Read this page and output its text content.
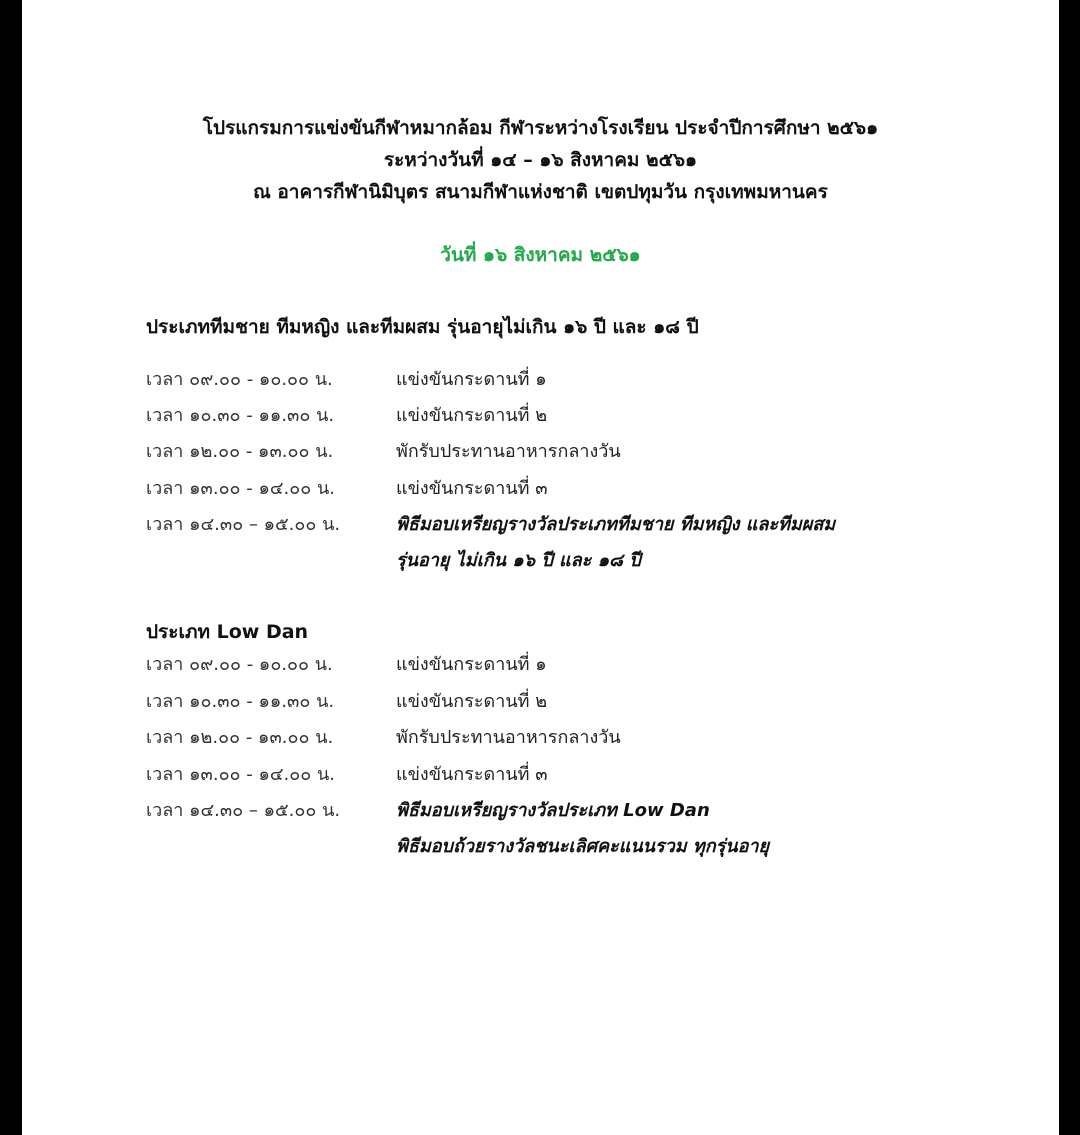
โปรแกรมการแข่งขันกีฬาหมากล้อม กีฬาระหว่างโรงเรียน ประจำปีการศึกษา ๒๕๖๑
ระหว่างวันที่ ๑๔ – ๑๖ สิงหาคม ๒๕๖๑
ณ อาคารกีฬานิมิบุตร สนามกีฬาแห่งชาติ เขตปทุมวัน กรุงเทพมหานคร
วันที่ ๑๖ สิงหาคม ๒๕๖๑
ประเภททีมชาย ทีมหญิง และทีมผสม รุ่นอายุไม่เกิน ๑๖ ปี และ ๑๘ ปี
เวลา ๐๙.๐๐ - ๑๐.๐๐ น.	แข่งขันกระดานที่ ๑
เวลา ๑๐.๓๐ - ๑๑.๓๐ น.	แข่งขันกระดานที่ ๒
เวลา ๑๒.๐๐ - ๑๓.๐๐ น.	พักรับประทานอาหารกลางวัน
เวลา ๑๓.๐๐ - ๑๔.๐๐ น.	แข่งขันกระดานที่ ๓
เวลา ๑๔.๓๐ – ๑๕.๐๐ น.	พิธีมอบเหรียญรางวัลประเภททีมชาย ทีมหญิง และทีมผสม
รุ่นอายุ ไม่เกิน ๑๖ ปี และ ๑๘ ปี
ประเภท Low Dan
เวลา ๐๙.๐๐ - ๑๐.๐๐ น.	แข่งขันกระดานที่ ๑
เวลา ๑๐.๓๐ - ๑๑.๓๐ น.	แข่งขันกระดานที่ ๒
เวลา ๑๒.๐๐ - ๑๓.๐๐ น.	พักรับประทานอาหารกลางวัน
เวลา ๑๓.๐๐ - ๑๔.๐๐ น.	แข่งขันกระดานที่ ๓
เวลา ๑๔.๓๐ – ๑๕.๐๐ น.	พิธีมอบเหรียญรางวัลประเภท Low Dan
พิธีมอบถ้วยรางวัลชนะเลิศคะแนนรวม ทุกรุ่นอายุ
